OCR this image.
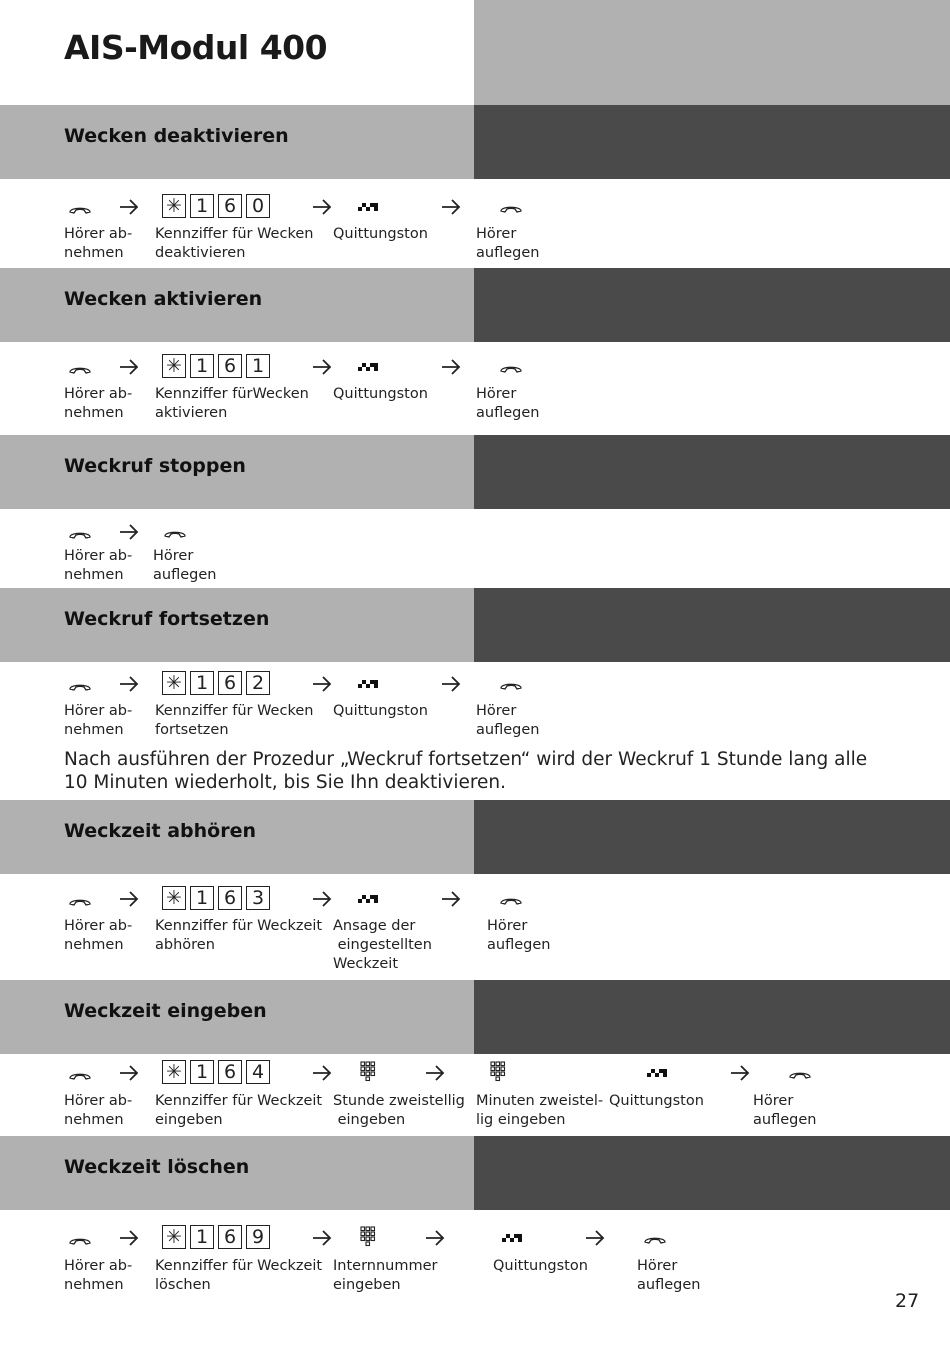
AIS-Modul 400
Wecken deaktivieren
✳ 1 6 0
Hörer ab-
nehmen
Kennziffer für Wecken
deaktivieren
Quittungston	Hörer
auflegen
Wecken aktivieren
✳ 1 6 1
Hörer ab-
nehmen
Kennziffer fürWecken
aktivieren
Quittungston	Hörer
auflegen
Weckruf stoppen
Hörer ab-
nehmen
Hörer
auflegen
Weckruf fortsetzen
✳ 1 6 2
Hörer ab-
nehmen
Kennziffer für Wecken
fortsetzen
Quittungston	Hörer
auflegen
Nach ausführen der Prozedur „Weckruf fortsetzen“ wird der Weckruf 1 Stunde lang alle 10 Minuten wiederholt, bis Sie Ihn deaktivieren.
Weckzeit abhören
✳ 1 6 3
Hörer ab-
nehmen
Kennziffer für Weckzeit
abhören
Ansage der
eingestellten
Weckzeit
Hörer
auflegen
Weckzeit eingeben
✳ 1 6 4
Hörer ab-
nehmen
Kennziffer für Weckzeit
eingeben
Stunde zweistellig
eingeben
Minuten zweistel-
lig eingeben
Quittungston	Hörer
auflegen
Weckzeit löschen
✳ 1 6 9
Hörer ab-
nehmen
Kennziffer für Weckzeit
löschen
Internnummer
eingeben
Quittungston	Hörer
auflegen
27
